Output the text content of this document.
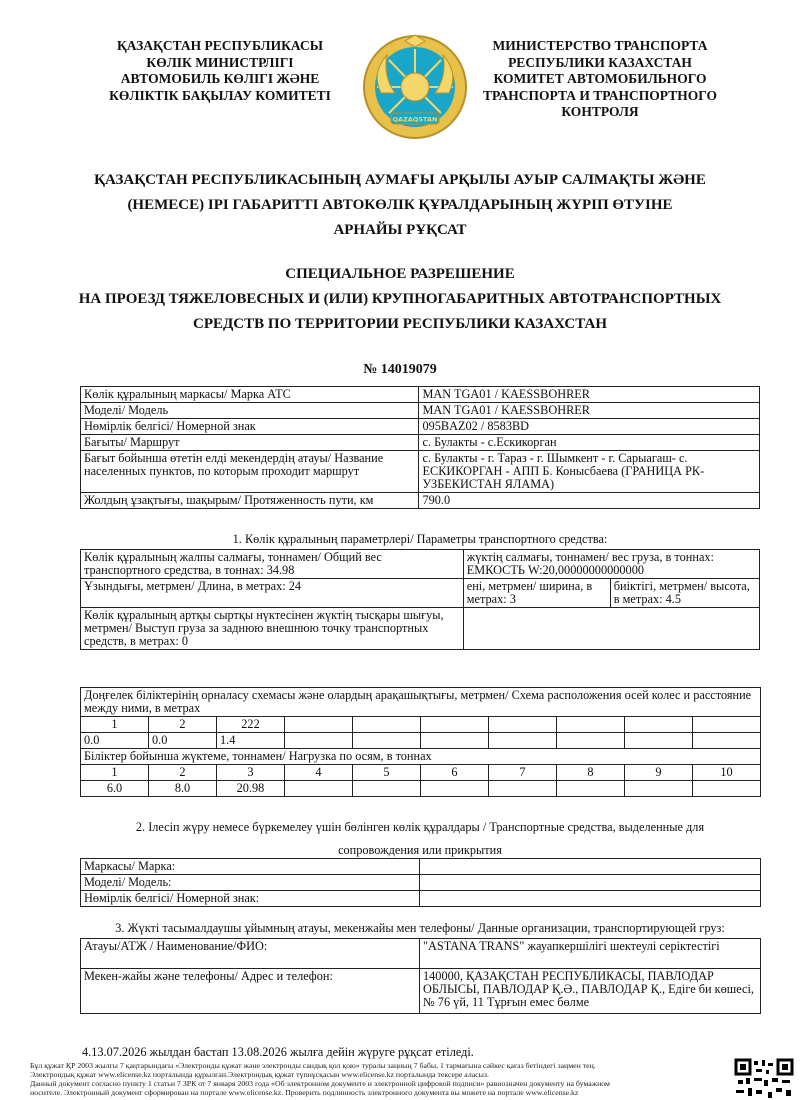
ҚАЗАҚСТАН РЕСПУБЛИКАСЫ
КӨЛІК МИНИСТРЛІГІ
АВТОМОБИЛЬ КӨЛІГІ ЖӘНЕ
КӨЛІКТІК БАҚЫЛАУ КОМИТЕТІ
QAZAQSTAN
МИНИСТЕРСТВО ТРАНСПОРТА
РЕСПУБЛИКИ КАЗАХСТАН
КОМИТЕТ АВТОМОБИЛЬНОГО
ТРАНСПОРТА И ТРАНСПОРТНОГО
КОНТРОЛЯ
ҚАЗАҚСТАН РЕСПУБЛИКАСЫНЫҢ АУМАҒЫ АРҚЫЛЫ АУЫР САЛМАҚТЫ ЖӘНЕ
(НЕМЕСЕ) ІРІ ГАБАРИТТІ АВТОКӨЛІК ҚҰРАЛДАРЫНЫҢ ЖҮРІП ӨТУІНЕ
АРНАЙЫ РҰҚСАТ
СПЕЦИАЛЬНОЕ РАЗРЕШЕНИЕ
НА ПРОЕЗД ТЯЖЕЛОВЕСНЫХ И (ИЛИ) КРУПНОГАБАРИТНЫХ АВТОТРАНСПОРТНЫХ
СРЕДСТВ ПО ТЕРРИТОРИИ РЕСПУБЛИКИ КАЗАХСТАН
№ 14019079
Көлік құралының маркасы/ Марка АТС	MAN TGA01 / KAESSBOHRER
Моделі/ Модель	MAN TGA01 / KAESSBOHRER
Нөмірлік белгісі/ Номерной знак	095BAZ02 / 8583BD
Бағыты/ Маршрут	с. Булакты - с.Ескикорган
Бағыт бойынша өтетін елді мекендердің атауы/ Название населенных пунктов, по которым проходит маршрут	с. Булакты - г. Тараз - г. Шымкент - г. Сарыагаш- с. ЕСКИКОРГАН - АПП Б. Конысбаева (ГРАНИЦА РК-УЗБЕКИСТАН ЯЛАМА)
Жолдың ұзақтығы, шақырым/ Протяженность пути, км	790.0
1. Көлік құралының параметрлері/ Параметры транспортного средства:
Көлік құралының жалпы салмағы, тоннамен/ Общий вес транспортного средства, в тоннах: 34.98	жүктің салмағы, тоннамен/ вес груза, в тоннах: ЕМКОСТЬ W:20,00000000000000	
Ұзындығы, метрмен/ Длина, в метрах: 24	ені, метрмен/ ширина, в метрах: 3	биіктігі, метрмен/ высота, в метрах: 4.5
Көлік құралының артқы сыртқы нүктесінен жүктің тысқары шығуы, метрмен/ Выступ груза за заднюю внешнюю точку транспортных средств, в метрах: 0		
Доңғелек біліктерінің орналасу схемасы және олардың арақашықтығы, метрмен/ Схема расположения осей колес и расстояние между ними, в метрах									
1	2	222							
0.0	0.0	1.4							
Біліктер бойынша жүктеме, тоннамен/ Нагрузка по осям, в тоннах									
1	2	3	4	5	6	7	8	9	10
6.0	8.0	20.98							
2. Ілесіп жүру немесе бүркемелеу үшін бөлінген көлік құралдары / Транспортные средства, выделенные для
сопровождения или прикрытия
Маркасы/ Марка:	
Моделі/ Модель:	
Нөмірлік белгісі/ Номерной знак:	
3. Жүкті тасымалдаушы ұйымның атауы, мекенжайы мен телефоны/ Данные организации, транспортирующей груз:
Атауы/АТЖ / Наименование/ФИО:	"ASTANA TRANS" жауапкершілігі шектеулі серіктестігі
Мекен-жайы және телефоны/ Адрес и телефон:	140000, ҚАЗАҚСТАН РЕСПУБЛИКАСЫ, ПАВЛОДАР ОБЛЫСЫ, ПАВЛОДАР Қ.Ә., ПАВЛОДАР Қ., Едіге би көшесі, № 76 үй, 11 Тұрғын емес бөлме
4.13.07.2026 жылдан бастап 13.08.2026 жылға дейін жүруге рұқсат етіледі.
Бұл құжат ҚР 2003 жылғы 7 қаңтарындағы «Электронды құжат және электронды сандық қол қою» туралы заңның 7 бабы, 1 тармағына сәйкес қағаз бетіндегі заңмен тең.
Электрондық құжат www.elicense.kz порталында құрылған.Электрондық құжат түпнұсқасын www.elicense.kz порталында тексере аласыз.
Данный документ согласно пункту 1 статьи 7 ЗРК от 7 января 2003 года «Об электронном документе и электронной цифровой подписи» равнозначен документу на бумажном
носителе. Электронный документ сформирован на портале www.elicense.kz. Проверить подлинность электронного документа вы можете на портале www.elicense.kz
